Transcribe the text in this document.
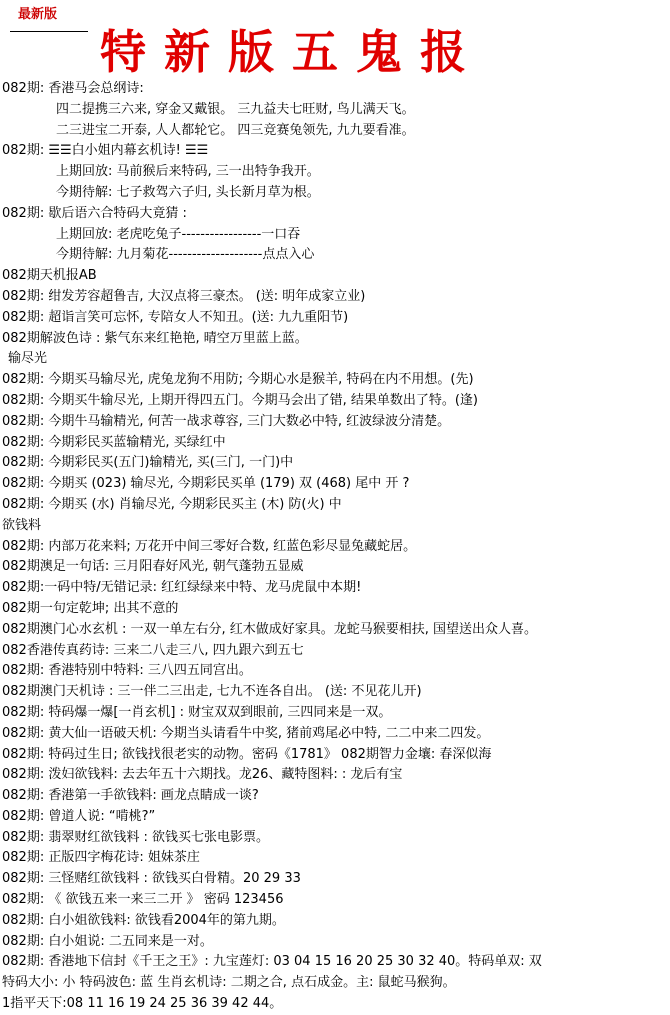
最新版
特新版五鬼报
082期: 香港马会总纲诗:
四二提携三六来, 穿金又戴银。 三九益夫七旺财, 鸟儿满天飞。
二三进宝二开泰, 人人都轮它。 四三竞赛兔领先, 九九要看准。
082期: ☰☰白小姐内幕玄机诗! ☰☰
上期回放: 马前猴后来特码, 三一出特争我开。
今期待解: 七子救驾六子归, 头长新月草为根。
082期: 歇后语六合特码大竟猜 :
上期回放: 老虎吃兔子-----------------一口吞
今期待解: 九月菊花--------------------点点入心
082期天机报AB
082期: 绀发芳容超鲁吉, 大汉点将三豪杰。 (送: 明年成家立业)
082期: 超诣言笑可忘怀, 专陪女人不知丑。(送: 九九重阳节)
082期解波色诗 : 紫气东来红艳艳, 晴空万里蓝上蓝。
输尽光
082期: 今期买马输尽光, 虎兔龙狗不用防; 今期心水是猴羊, 特码在内不用想。(先)
082期: 今期买牛输尽光, 上期开得四五门。今期马会出了错, 结果单数出了特。(逢)
082期: 今期牛马输精光, 何苦一战求尊容, 三门大数必中特, 红波绿波分清楚。
082期: 今期彩民买蓝输精光, 买绿红中
082期: 今期彩民买(五门)输精光, 买(三门, 一门)中
082期: 今期买 (023) 输尽光, 今期彩民买单 (179) 双 (468) 尾中 开 ?
082期: 今期买 (水) 肖输尽光, 今期彩民买主 (木) 防(火) 中
欲钱料
082期: 内部万花来料; 万花开中间三零好合数, 红蓝色彩尽显兔藏蛇居。
082期澳足一句话: 三月阳春好风光, 朝气蓬勃五显威
082期:一码中特/无错记录: 红红绿绿来中特、龙马虎鼠中本期!
082期一句定乾坤; 出其不意的
082期澳门心水玄机 : 一双一单左右分, 红木做成好家具。龙蛇马猴要相扶, 国望送出众人喜。
082香港传真药诗: 三来二八走三八, 四九跟六到五七
082期: 香港特别中特料: 三八四五同宫出。
082期澳门天机诗 : 三一伴二三出走, 七九不连各自出。 (送: 不见花儿开)
082期: 特码爆一爆[一肖玄机] : 财宝双双到眼前, 三四同来是一双。
082期: 黄大仙一语破天机: 今期当头请看牛中奖, 猪前鸡尾必中特, 二二中来二四发。
082期: 特码过生日; 欲钱找很老实的动物。密码《1781》 082期智力金壤: 春深似海
082期: 泼妇欲钱料: 去去年五十六期找。龙26、藏特图料: : 龙后有宝
082期: 香港第一手欲钱料: 画龙点睛成一谈?
082期: 曾道人说: “啃桃?”
082期: 翡翠财红欲钱料 : 欲钱买七张电影票。
082期: 正版四字梅花诗: 姐妹茶庄
082期: 三怪赌红欲钱料 : 欲钱买白骨精。20 29 33
082期: 《 欲钱五来一来三二开 》 密码 123456
082期: 白小姐欲钱料: 欲钱看2004年的第九期。
082期: 白小姐说: 二五同来是一对。
082期: 香港地下信封《千王之王》: 九宝莲灯: 03 04 15 16 20 25 30 32 40。特码单双: 双
特码大小: 小 特码波色: 蓝 生肖玄机诗: 二期之合, 点石成金。主: 鼠蛇马猴狗。
1指平天下:08 11 16 19 24 25 36 39 42 44。
